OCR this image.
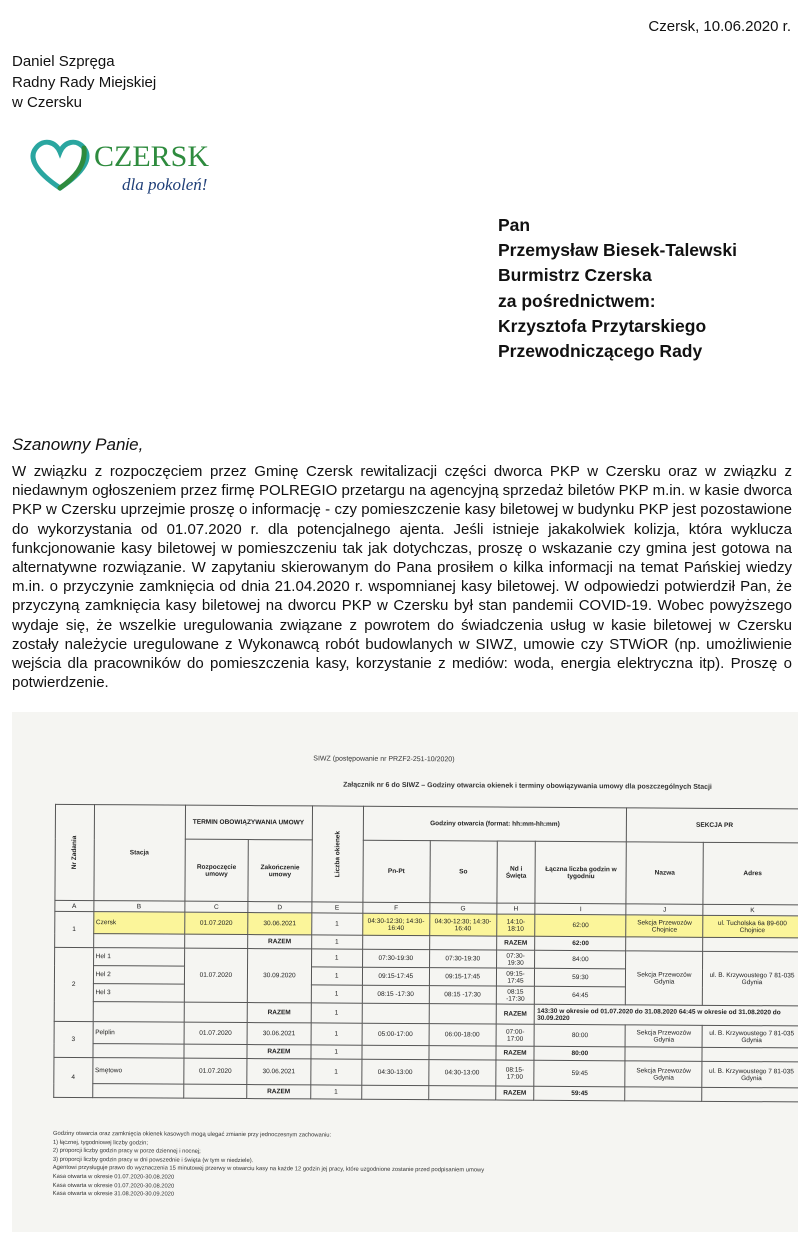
Czersk, 10.06.2020 r.
Daniel Szpręga
Radny Rady Miejskiej
w Czersku
CZERSK
dla pokoleń!
Pan
Przemysław Biesek-Talewski
Burmistrz Czerska
za pośrednictwem:
Krzysztofa Przytarskiego
Przewodniczącego Rady
Szanowny Panie,
W związku z rozpoczęciem przez Gminę Czersk rewitalizacji części dworca PKP w Czersku oraz w związku z niedawnym ogłoszeniem przez firmę POLREGIO przetargu na agencyjną sprzedaż biletów PKP m.in. w kasie dworca PKP w Czersku uprzejmie proszę o informację - czy pomieszczenie kasy biletowej w budynku PKP jest pozostawione do wykorzystania od 01.07.2020 r. dla potencjalnego ajenta. Jeśli istnieje jakakolwiek kolizja, która wyklucza funkcjonowanie kasy biletowej w pomieszczeniu tak jak dotychczas, proszę o wskazanie czy gmina jest gotowa na alternatywne rozwiązanie. W zapytaniu skierowanym do Pana prosiłem o kilka informacji na temat Pańskiej wiedzy m.in. o przyczynie zamknięcia od dnia 21.04.2020 r. wspomnianej kasy biletowej. W odpowiedzi potwierdził Pan, że przyczyną zamknięcia kasy biletowej na dworcu PKP w Czersku był stan pandemii COVID-19. Wobec powyższego wydaje się, że wszelkie uregulowania związane z powrotem do świadczenia usług w kasie biletowej w Czersku zostały należycie uregulowane z Wykonawcą robót budowlanych w SIWZ, umowie czy STWiOR (np. umożliwienie wejścia dla pracowników do pomieszczenia kasy, korzystanie z mediów: woda, energia elektryczna itp). Proszę o potwierdzenie.
SIWZ (postępowanie nr PRZF2-251-10/2020)
Załącznik nr 6 do SIWZ – Godziny otwarcia okienek i terminy obowiązywania umowy dla poszczególnych Stacji
Nr Zadania	Stacja	TERMIN OBOWIĄZYWANIA UMOWY		Liczba okienek	Godziny otwarcia (format: hh:mm-hh:mm)				SEKCJA PR	
		Rozpoczęcie umowy	Zakończenie umowy		Pn-Pt	So	Nd i Święta	Łączna liczba godzin w tygodniu	Nazwa	Adres
A	B	C	D	E	F	G	H	I	J	K
1	Czersk	01.07.2020	30.06.2021	1	04:30-12:30; 14:30-16:40	04:30-12:30; 14:30-16:40	14:10-18:10	62:00	Sekcja Przewozów Chojnice	ul. Tucholska 6a 89-600 Chojnice
			RAZEM	1			RAZEM	62:00		
2	Hel 1	01.07.2020	30.09.2020	1	07:30-19:30	07:30-19:30	07:30-19:30	84:00	Sekcja Przewozów Gdynia	ul. B. Krzywoustego 7 81-035 Gdynia
	Hel 2			1	09:15-17:45	09:15-17:45	09:15-17:45	59:30		
	Hel 3			1	08:15 -17:30	08:15 -17:30	08:15 -17:30	64:45		
			RAZEM	1			RAZEM	143:30 w okresie od 01.07.2020 do 31.08.2020 64:45 w okresie od 31.08.2020 do 30.09.2020		
3	Pelplin	01.07.2020	30.06.2021	1	05:00-17:00	06:00-18:00	07:00-17:00	80:00	Sekcja Przewozów Gdynia	ul. B. Krzywoustego 7 81-035 Gdynia
			RAZEM	1			RAZEM	80:00		
4	Smętowo	01.07.2020	30.06.2021	1	04:30-13:00	04:30-13:00	08:15-17:00	59:45	Sekcja Przewozów Gdynia	ul. B. Krzywoustego 7 81-035 Gdynia
			RAZEM	1			RAZEM	59:45		
Godziny otwarcia oraz zamknięcia okienek kasowych mogą ulegać zmianie przy jednoczesnym zachowaniu:
1) łącznej, tygodniowej liczby godzin;
2) proporcji liczby godzin pracy w porze dziennej i nocnej;
3) proporcji liczby godzin pracy w dni powszednie i święta (w tym w niedziele).
Agentowi przysługuje prawo do wyznaczenia 15 minutowej przerwy w otwarciu kasy na każde 12 godzin jej pracy, które uzgodnione zostanie przed podpisaniem umowy
Kasa otwarta w okresie 01.07.2020-30.08.2020
Kasa otwarta w okresie 01.07.2020-30.08.2020
Kasa otwarta w okresie 31.08.2020-30.09.2020
